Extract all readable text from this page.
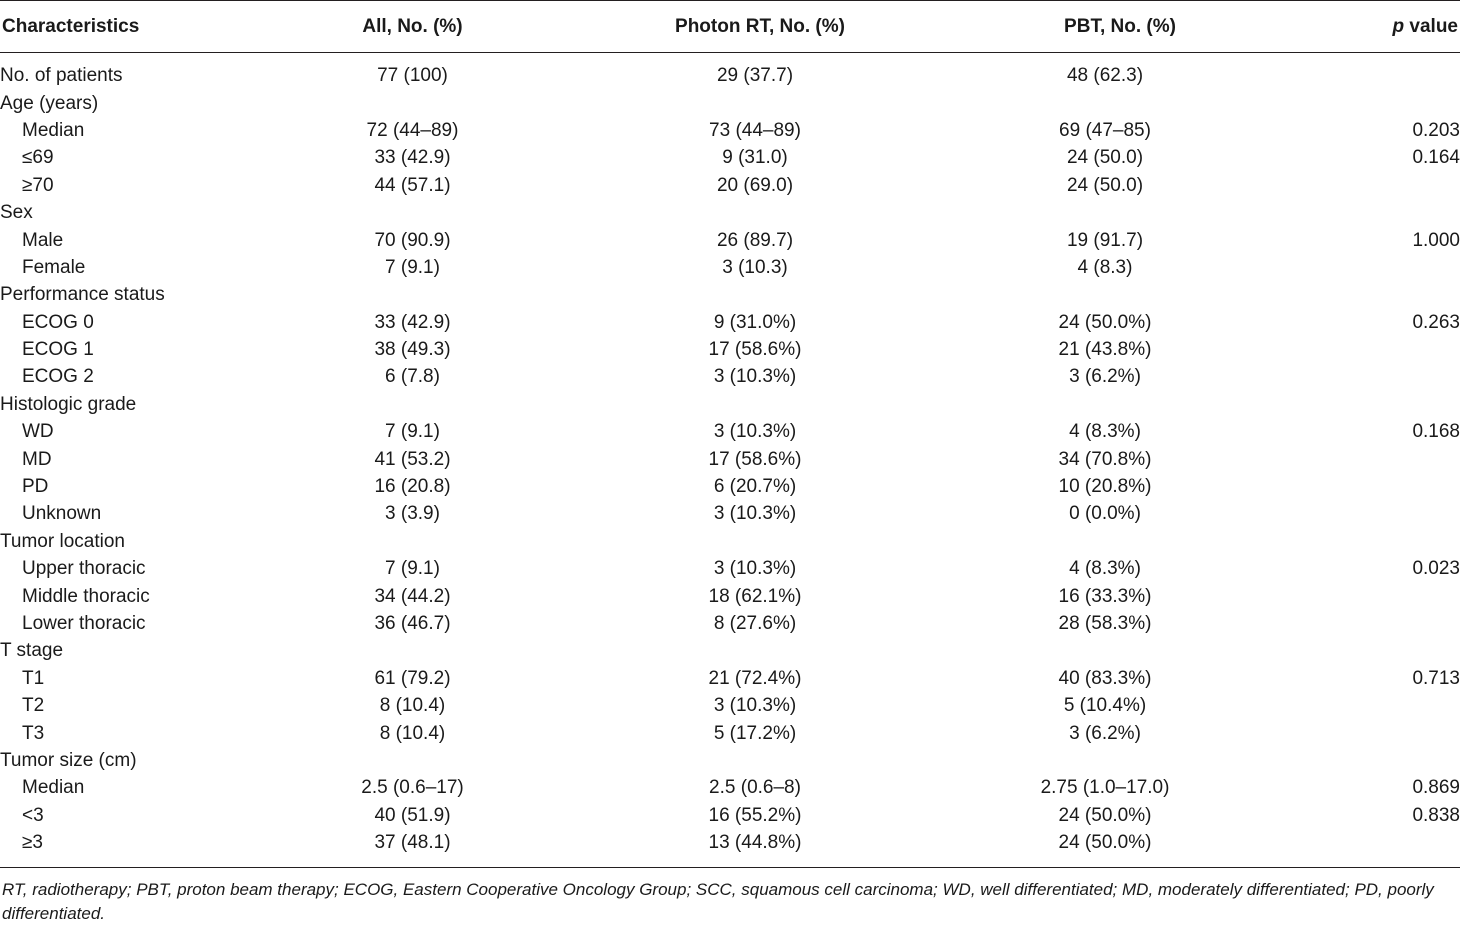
Characteristics	All, No. (%)	Photon RT, No. (%)	PBT, No. (%)	p value
No. of patients	77 (100)	29 (37.7)	48 (62.3)	
Age (years)				
Median	72 (44–89)	73 (44–89)	69 (47–85)	0.203
≤69	33 (42.9)	9 (31.0)	24 (50.0)	0.164
≥70	44 (57.1)	20 (69.0)	24 (50.0)	
Sex				
Male	70 (90.9)	26 (89.7)	19 (91.7)	1.000
Female	7 (9.1)	3 (10.3)	4 (8.3)	
Performance status				
ECOG 0	33 (42.9)	9 (31.0%)	24 (50.0%)	0.263
ECOG 1	38 (49.3)	17 (58.6%)	21 (43.8%)	
ECOG 2	6 (7.8)	3 (10.3%)	3 (6.2%)	
Histologic grade				
WD	7 (9.1)	3 (10.3%)	4 (8.3%)	0.168
MD	41 (53.2)	17 (58.6%)	34 (70.8%)	
PD	16 (20.8)	6 (20.7%)	10 (20.8%)	
Unknown	3 (3.9)	3 (10.3%)	0 (0.0%)	
Tumor location				
Upper thoracic	7 (9.1)	3 (10.3%)	4 (8.3%)	0.023
Middle thoracic	34 (44.2)	18 (62.1%)	16 (33.3%)	
Lower thoracic	36 (46.7)	8 (27.6%)	28 (58.3%)	
T stage				
T1	61 (79.2)	21 (72.4%)	40 (83.3%)	0.713
T2	8 (10.4)	3 (10.3%)	5 (10.4%)	
T3	8 (10.4)	5 (17.2%)	3 (6.2%)	
Tumor size (cm)				
Median	2.5 (0.6–17)	2.5 (0.6–8)	2.75 (1.0–17.0)	0.869
<3	40 (51.9)	16 (55.2%)	24 (50.0%)	0.838
≥3	37 (48.1)	13 (44.8%)	24 (50.0%)	
RT, radiotherapy; PBT, proton beam therapy; ECOG, Eastern Cooperative Oncology Group; SCC, squamous cell carcinoma; WD, well differentiated; MD, moderately differentiated; PD, poorly differentiated.
